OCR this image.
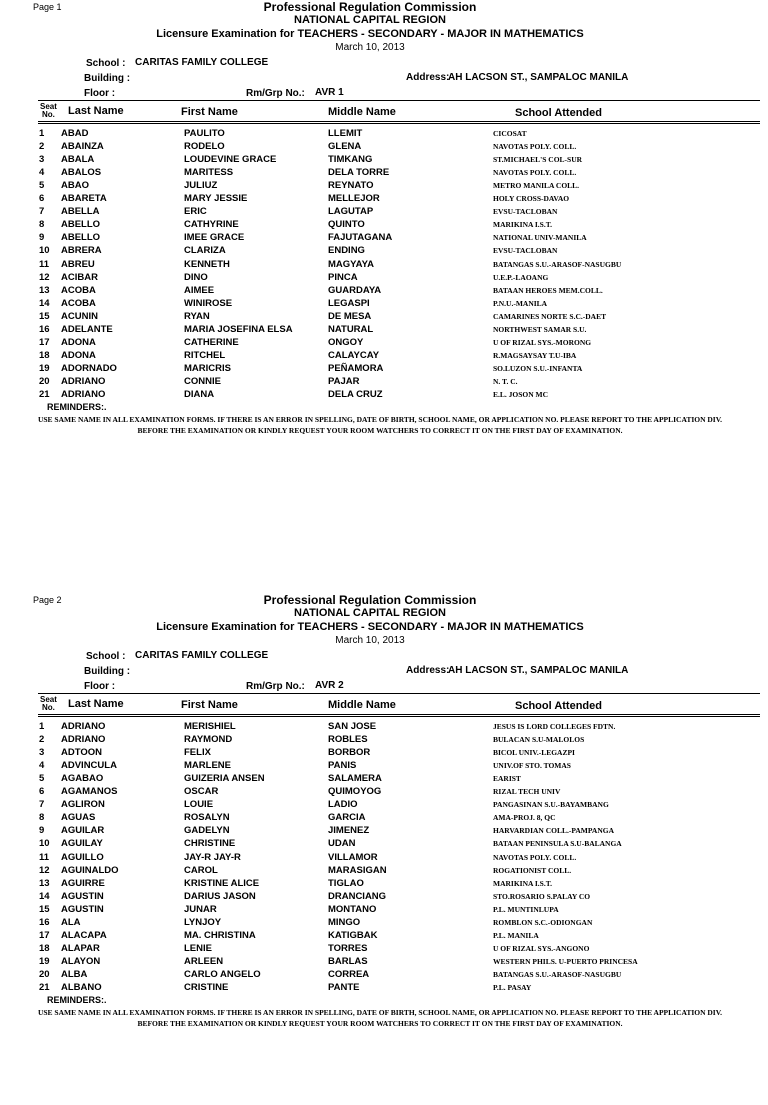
Page 1	Professional Regulation Commission
NATIONAL CAPITAL REGION
Licensure Examination for TEACHERS - SECONDARY - MAJOR IN MATHEMATICS
March 10, 2013
School : CARITAS FAMILY COLLEGE
Building :	Address:
AH LACSON ST., SAMPALOC MANILA
Floor :	Rm/Grp No.: AVR 1
Seat
No. Last Name	First Name	Middle Name	School Attended
1 ABAD	PAULITO	LLEMIT	CICOSAT
2 ABAINZA	RODELO	GLENA	NAVOTAS POLY. COLL.
3 ABALA	LOUDEVINE GRACE	TIMKANG	ST.MICHAEL'S COL-SUR
4 ABALOS	MARITESS	DELA TORRE	NAVOTAS POLY. COLL.
5 ABAO	JULIUZ	REYNATO	METRO MANILA COLL.
6 ABARETA	MARY JESSIE	MELLEJOR	HOLY CROSS-DAVAO
7 ABELLA	ERIC	LAGUTAP	EVSU-TACLOBAN
8 ABELLO	CATHYRINE	QUINTO	MARIKINA I.S.T.
9 ABELLO	IMEE GRACE	FAJUTAGANA	NATIONAL UNIV-MANILA
10 ABRERA	CLARIZA	ENDING	EVSU-TACLOBAN
11 ABREU	KENNETH	MAGYAYA	BATANGAS S.U.-ARASOF-NASUGBU
12 ACIBAR	DINO	PINCA	U.E.P.-LAOANG
13 ACOBA	AIMEE	GUARDAYA	BATAAN HEROES MEM.COLL.
14 ACOBA	WINIROSE	LEGASPI	P.N.U.-MANILA
15 ACUNIN	RYAN	DE MESA	CAMARINES NORTE S.C.-DAET
16 ADELANTE	MARIA JOSEFINA ELSA	NATURAL	NORTHWEST SAMAR S.U.
17 ADONA	CATHERINE	ONGOY	U OF RIZAL SYS.-MORONG
18 ADONA	RITCHEL	CALAYCAY	R.MAGSAYSAY T.U-IBA
19 ADORNADO	MARICRIS	PEÑAMORA	SO.LUZON S.U.-INFANTA
20 ADRIANO	CONNIE	PAJAR	N. T. C.
21 ADRIANO	DIANA	DELA CRUZ	E.L. JOSON MC
REMINDERS:.
USE SAME NAME IN ALL EXAMINATION FORMS. IF THERE IS AN ERROR IN SPELLING, DATE OF BIRTH, SCHOOL NAME, OR APPLICATION NO. PLEASE REPORT TO THE APPLICATION DIV. BEFORE THE EXAMINATION OR KINDLY REQUEST YOUR ROOM WATCHERS TO CORRECT IT ON THE FIRST DAY OF EXAMINATION.
Page 2	Professional Regulation Commission
NATIONAL CAPITAL REGION
Licensure Examination for TEACHERS - SECONDARY - MAJOR IN MATHEMATICS
March 10, 2013
School : CARITAS FAMILY COLLEGE
Building :	Address:
AH LACSON ST., SAMPALOC MANILA
Floor :	Rm/Grp No.: AVR 2
Seat
No. Last Name	First Name	Middle Name	School Attended
1 ADRIANO	MERISHIEL	SAN JOSE	JESUS IS LORD COLLEGES FDTN.
2 ADRIANO	RAYMOND	ROBLES	BULACAN S.U-MALOLOS
3 ADTOON	FELIX	BORBOR	BICOL UNIV.-LEGAZPI
4 ADVINCULA	MARLENE	PANIS	UNIV.OF STO. TOMAS
5 AGABAO	GUIZERIA ANSEN	SALAMERA	EARIST
6 AGAMANOS	OSCAR	QUIMOYOG	RIZAL TECH UNIV
7 AGLIRON	LOUIE	LADIO	PANGASINAN S.U.-BAYAMBANG
8 AGUAS	ROSALYN	GARCIA	AMA-PROJ. 8, QC
9 AGUILAR	GADELYN	JIMENEZ	HARVARDIAN COLL.-PAMPANGA
10 AGUILAY	CHRISTINE	UDAN	BATAAN PENINSULA S.U-BALANGA
11 AGUILLO	JAY-R JAY-R	VILLAMOR	NAVOTAS POLY. COLL.
12 AGUINALDO	CAROL	MARASIGAN	ROGATIONIST COLL.
13 AGUIRRE	KRISTINE ALICE	TIGLAO	MARIKINA I.S.T.
14 AGUSTIN	DARIUS JASON	DRANCIANG	STO.ROSARIO S.PALAY CO
15 AGUSTIN	JUNAR	MONTANO	P.L. MUNTINLUPA
16 ALA	LYNJOY	MINGO	ROMBLON S.C.-ODIONGAN
17 ALACAPA	MA. CHRISTINA	KATIGBAK	P.L. MANILA
18 ALAPAR	LENIE	TORRES	U OF RIZAL SYS.-ANGONO
19 ALAYON	ARLEEN	BARLAS	WESTERN PHILS. U-PUERTO PRINCESA
20 ALBA	CARLO ANGELO	CORREA	BATANGAS S.U.-ARASOF-NASUGBU
21 ALBANO	CRISTINE	PANTE	P.L. PASAY
REMINDERS:.
USE SAME NAME IN ALL EXAMINATION FORMS. IF THERE IS AN ERROR IN SPELLING, DATE OF BIRTH, SCHOOL NAME, OR APPLICATION NO. PLEASE REPORT TO THE APPLICATION DIV. BEFORE THE EXAMINATION OR KINDLY REQUEST YOUR ROOM WATCHERS TO CORRECT IT ON THE FIRST DAY OF EXAMINATION.
